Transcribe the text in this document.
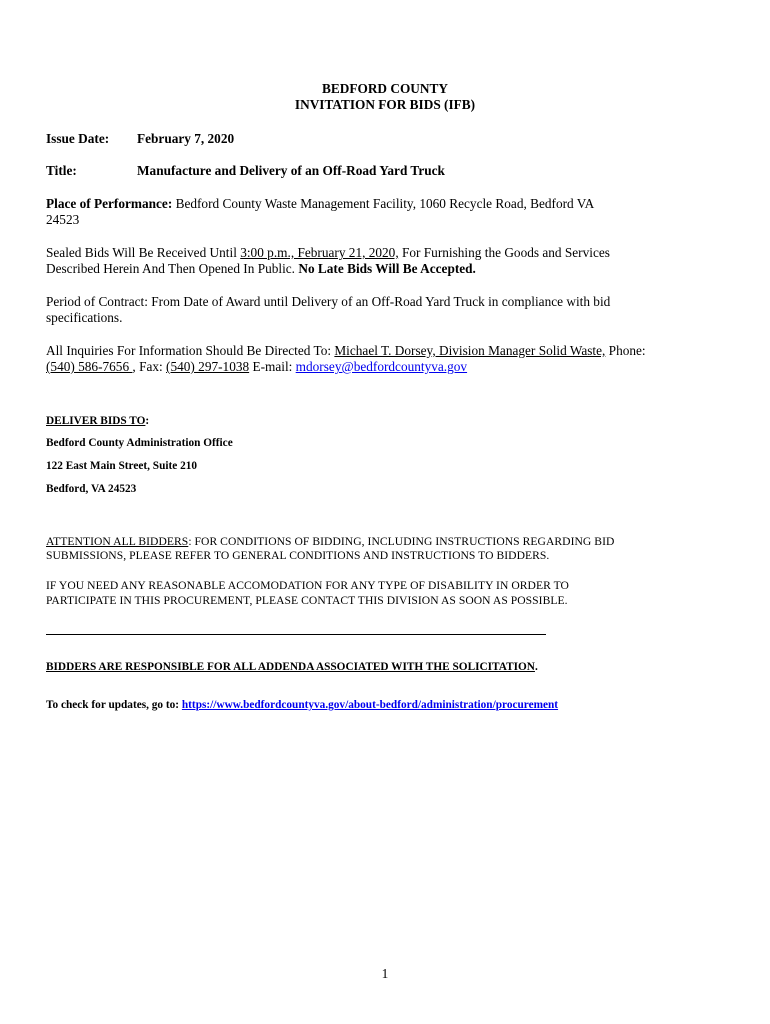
BEDFORD COUNTY
INVITATION FOR BIDS (IFB)
Issue Date: February 7, 2020
Title:	Manufacture and Delivery of an Off-Road Yard Truck
Place of Performance: Bedford County Waste Management Facility, 1060 Recycle Road, Bedford VA
24523
Sealed Bids Will Be Received Until 3:00 p.m., February 21, 2020, For Furnishing the Goods and Services
Described Herein And Then Opened In Public. No Late Bids Will Be Accepted.
Period of Contract: From Date of Award until Delivery of an Off-Road Yard Truck in compliance with bid
specifications.
All Inquiries For Information Should Be Directed To: Michael T. Dorsey, Division Manager Solid Waste, Phone:
(540) 586-7656 , Fax: (540) 297-1038 E-mail: mdorsey@bedfordcountyva.gov
DELIVER BIDS TO:
Bedford County Administration Office
122 East Main Street, Suite 210
Bedford, VA 24523
ATTENTION ALL BIDDERS: FOR CONDITIONS OF BIDDING, INCLUDING INSTRUCTIONS REGARDING BID
SUBMISSIONS, PLEASE REFER TO GENERAL CONDITIONS AND INSTRUCTIONS TO BIDDERS.
IF YOU NEED ANY REASONABLE ACCOMODATION FOR ANY TYPE OF DISABILITY IN ORDER TO
PARTICIPATE IN THIS PROCUREMENT, PLEASE CONTACT THIS DIVISION AS SOON AS POSSIBLE.
BIDDERS ARE RESPONSIBLE FOR ALL ADDENDA ASSOCIATED WITH THE SOLICITATION.
To check for updates, go to: https://www.bedfordcountyva.gov/about-bedford/administration/procurement
1
